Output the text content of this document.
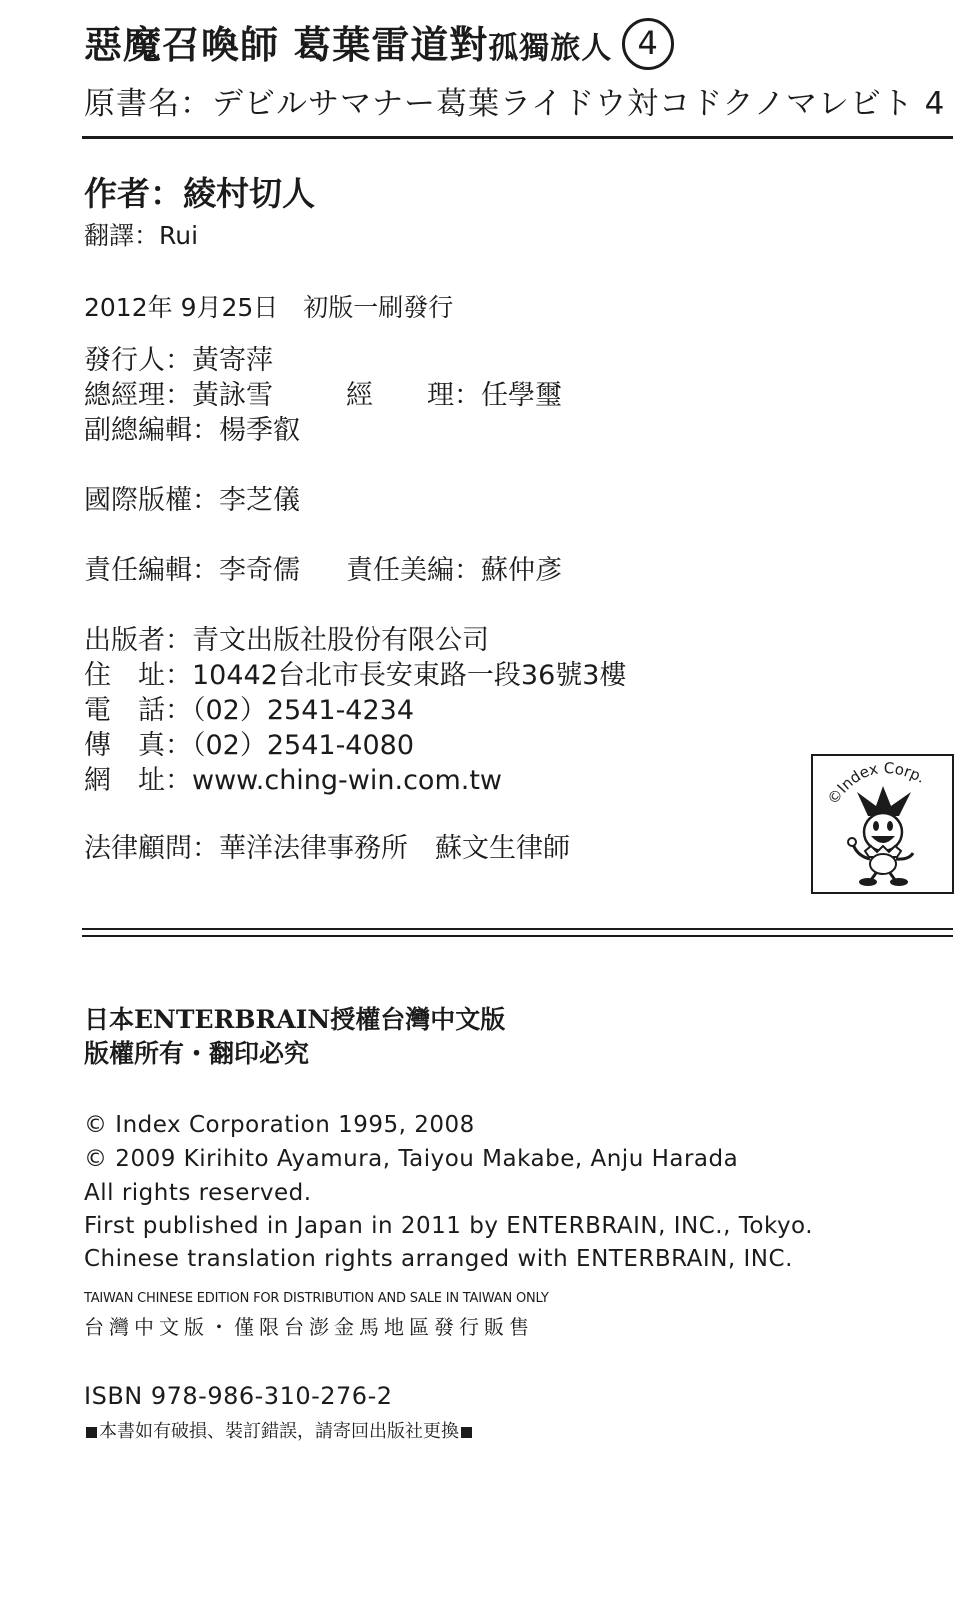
惡魔召喚師 葛葉雷道對孤獨旅人 4
原書名：デビルサマナー葛葉ライドウ対コドクノマレビト 4
作者：綾村切人
翻譯：Rui
2012年 9月25日　初版一刷發行
發行人：黃寄萍
總經理：黃詠雪	經　　理：任學璽
副總編輯：楊季叡
國際版權：李芝儀
責任編輯：李奇儒 責任美編：蘇仲彥
出版者：青文出版社股份有限公司
住　址：10442台北市長安東路一段36號3樓
電　話：（02）2541-4234
傳　真：（02）2541-4080
網　址：www.ching-win.com.tw
法律顧問：華洋法律事務所　蘇文生律師
©Index Corp.
日本ENTERBRAIN授權台灣中文版
版權所有・翻印必究
© Index Corporation 1995, 2008
© 2009 Kirihito Ayamura, Taiyou Makabe, Anju Harada
All rights reserved.
First published in Japan in 2011 by ENTERBRAIN, INC., Tokyo.
Chinese translation rights arranged with ENTERBRAIN, INC.
TAIWAN CHINESE EDITION FOR DISTRIBUTION AND SALE IN TAIWAN ONLY
台灣中文版・僅限台澎金馬地區發行販售
ISBN 978-986-310-276-2
本書如有破損、裝訂錯誤，請寄回出版社更換
